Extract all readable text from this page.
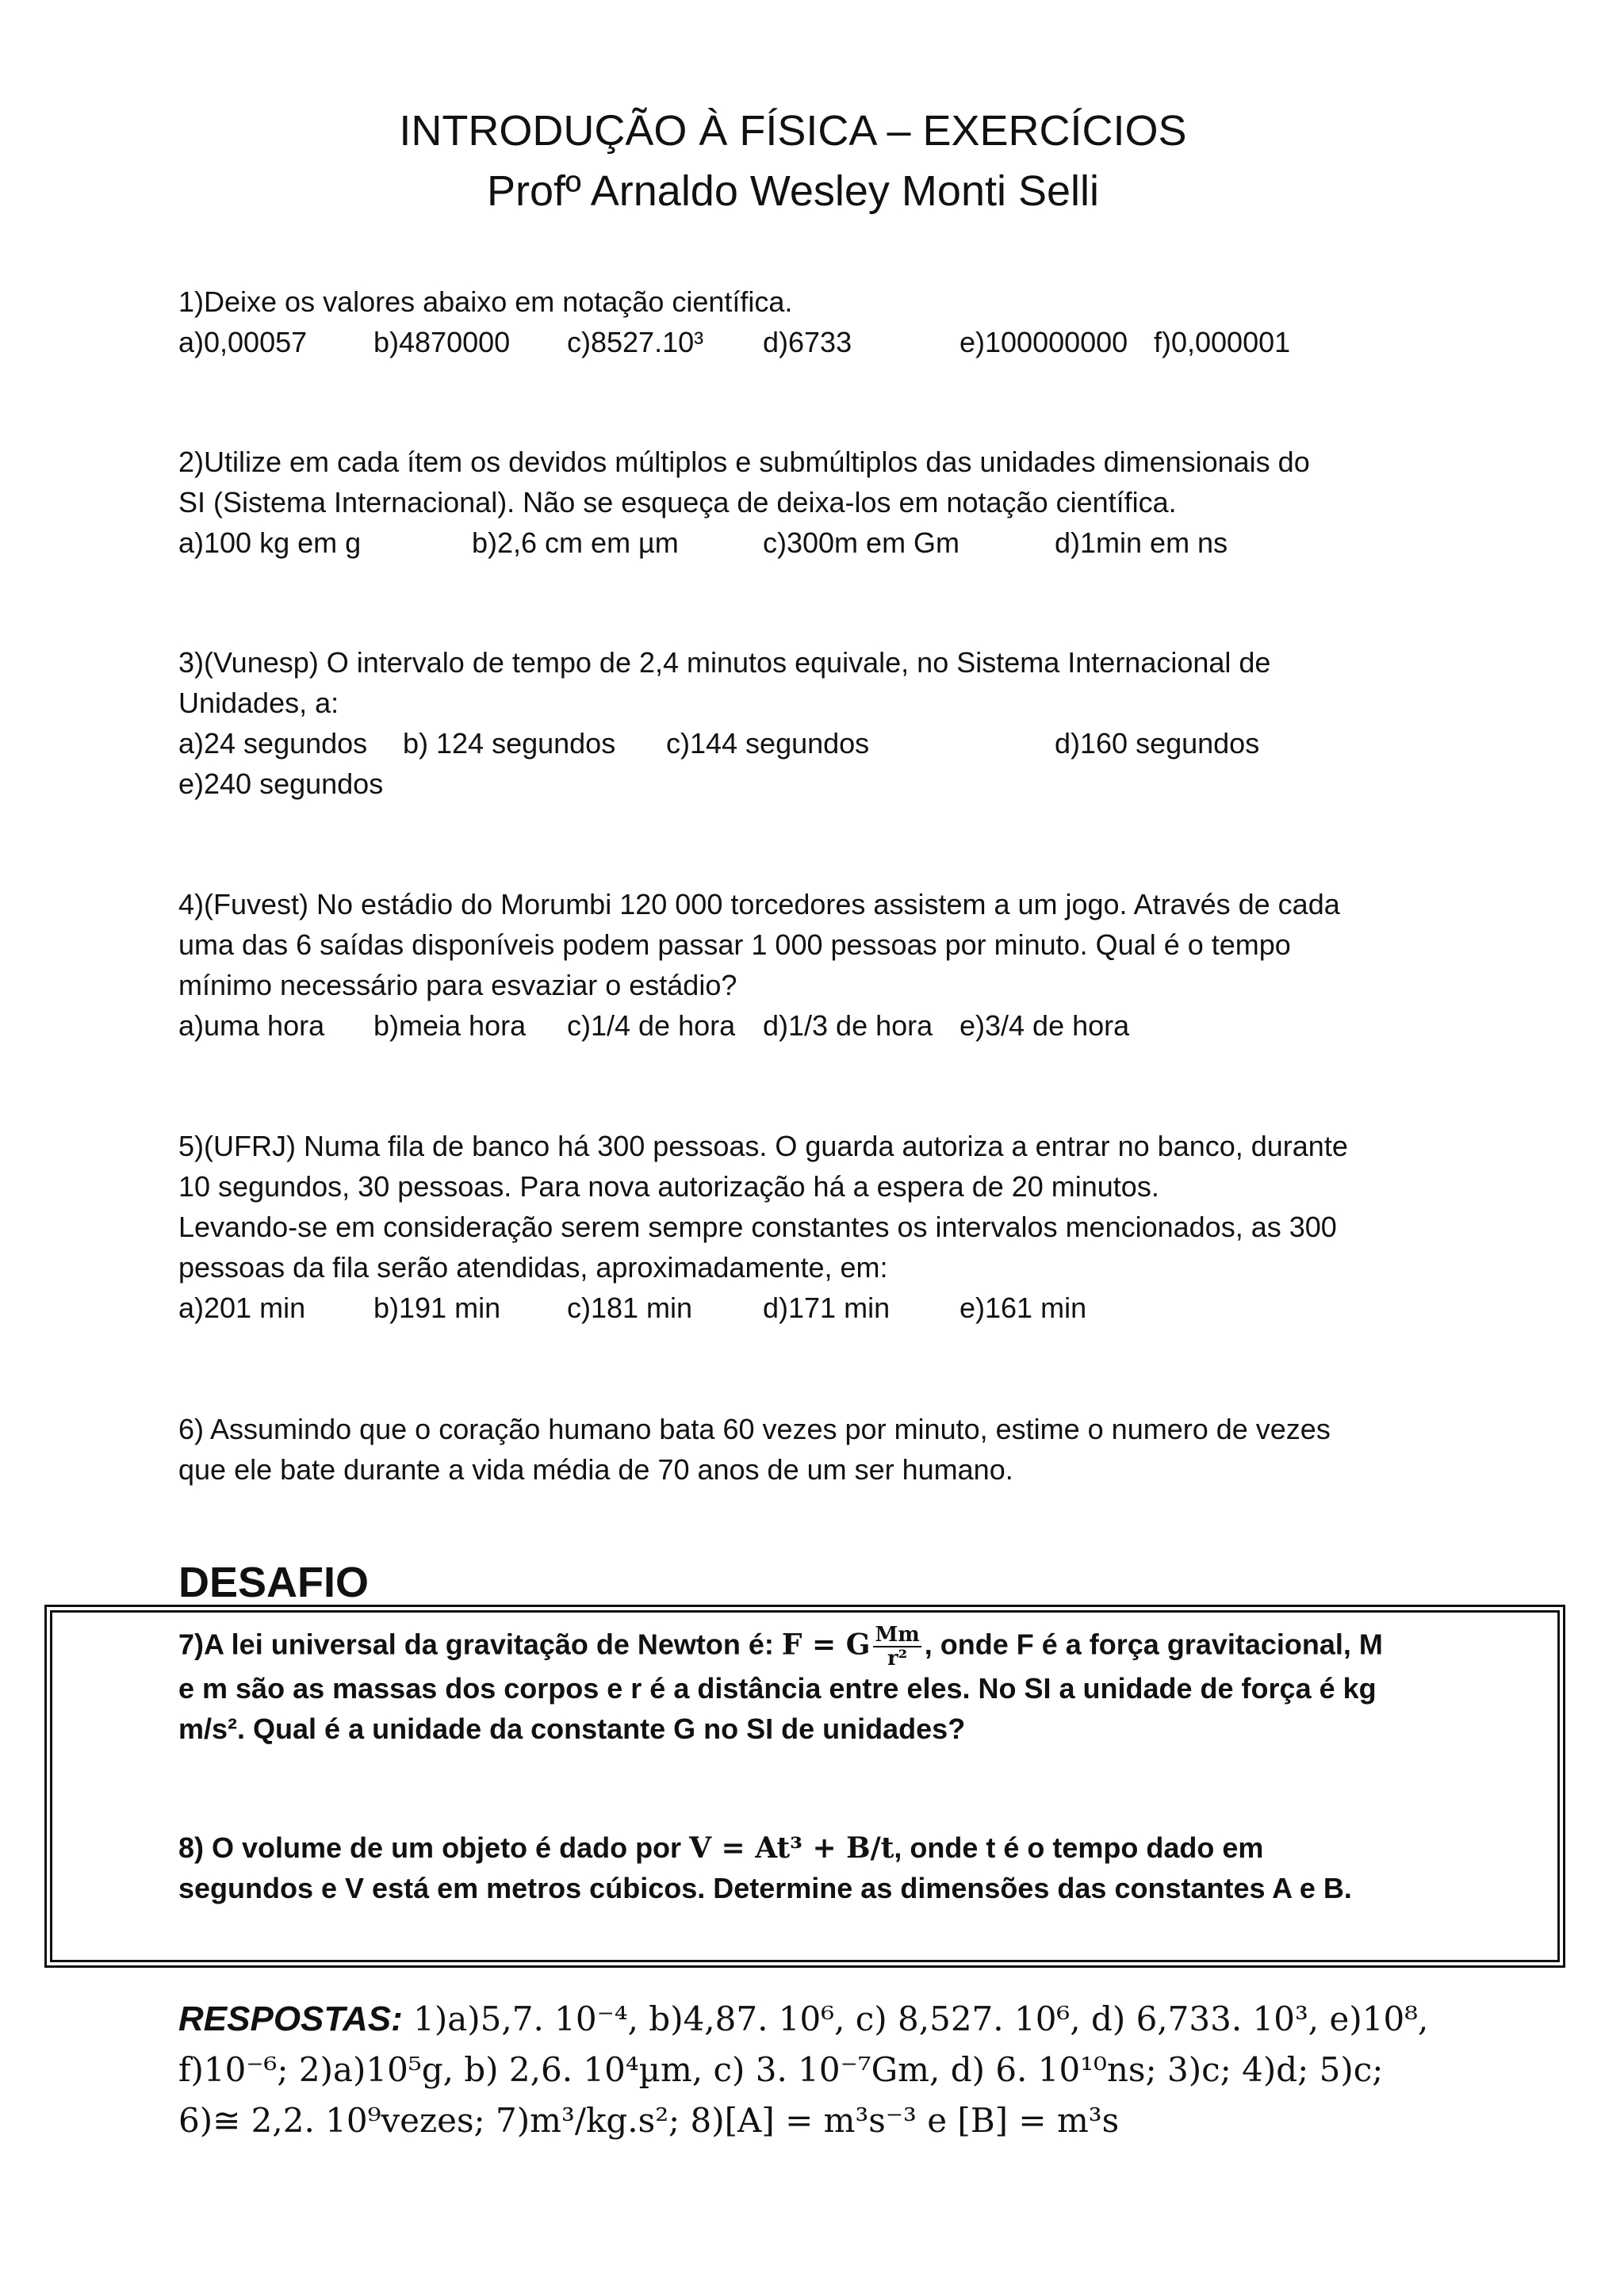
INTRODUÇÃO À FÍSICA – EXERCÍCIOS
Profº Arnaldo Wesley Monti Selli
1)Deixe os valores abaixo em notação científica.
a)0,00057 b)4870000 c)8527.10³ d)6733	e)100000000 f)0,000001
2)Utilize em cada ítem os devidos múltiplos e submúltiplos das unidades dimensionais do
SI (Sistema Internacional). Não se esqueça de deixa-los em notação científica.
a)100 kg em g	b)2,6 cm em µm	c)300m em Gm	d)1min em ns
3)(Vunesp) O intervalo de tempo de 2,4 minutos equivale, no Sistema Internacional de
Unidades, a:
a)24 segundos b) 124 segundos c)144 segundos	d)160 segundos
e)240 segundos
4)(Fuvest) No estádio do Morumbi 120 000 torcedores assistem a um jogo. Através de cada
uma das 6 saídas disponíveis podem passar 1 000 pessoas por minuto. Qual é o tempo
mínimo necessário para esvaziar o estádio?
a)uma hora b)meia hora c)1/4 de hora d)1/3 de hora e)3/4 de hora
5)(UFRJ) Numa fila de banco há 300 pessoas. O guarda autoriza a entrar no banco, durante
10 segundos, 30 pessoas. Para nova autorização há a espera de 20 minutos.
Levando-se em consideração serem sempre constantes os intervalos mencionados, as 300
pessoas da fila serão atendidas, aproximadamente, em:
a)201 min b)191 min c)181 min d)171 min e)161 min
6) Assumindo que o coração humano bata 60 vezes por minuto, estime o numero de vezes
que ele bate durante a vida média de 70 anos de um ser humano.
DESAFIO
7)A lei universal da gravitação de Newton é: F = G $\frac{Mm}{\text{r²}}$ , onde F é a força gravitacional, M
e m são as massas dos corpos e r é a distância entre eles. No SI a unidade de força é kg
m/s². Qual é a unidade da constante G no SI de unidades?
8) O volume de um objeto é dado por V = At³ + B/t, onde t é o tempo dado em
segundos e V está em metros cúbicos. Determine as dimensões das constantes A e B.
RESPOSTAS: 1)a)5,7. 10⁻⁴, b)4,87. 10⁶, c) 8,527. 10⁶, d) 6,733. 10³, e)10⁸,
f)10⁻⁶; 2)a)10⁵g, b) 2,6. 10⁴µm, c) 3. 10⁻⁷Gm, d) 6. 10¹⁰ns; 3)c; 4)d; 5)c;
6)≅ 2,2. 10⁹vezes; 7)m³/kg.s²; 8)[A] = m³s⁻³ e [B] = m³s
